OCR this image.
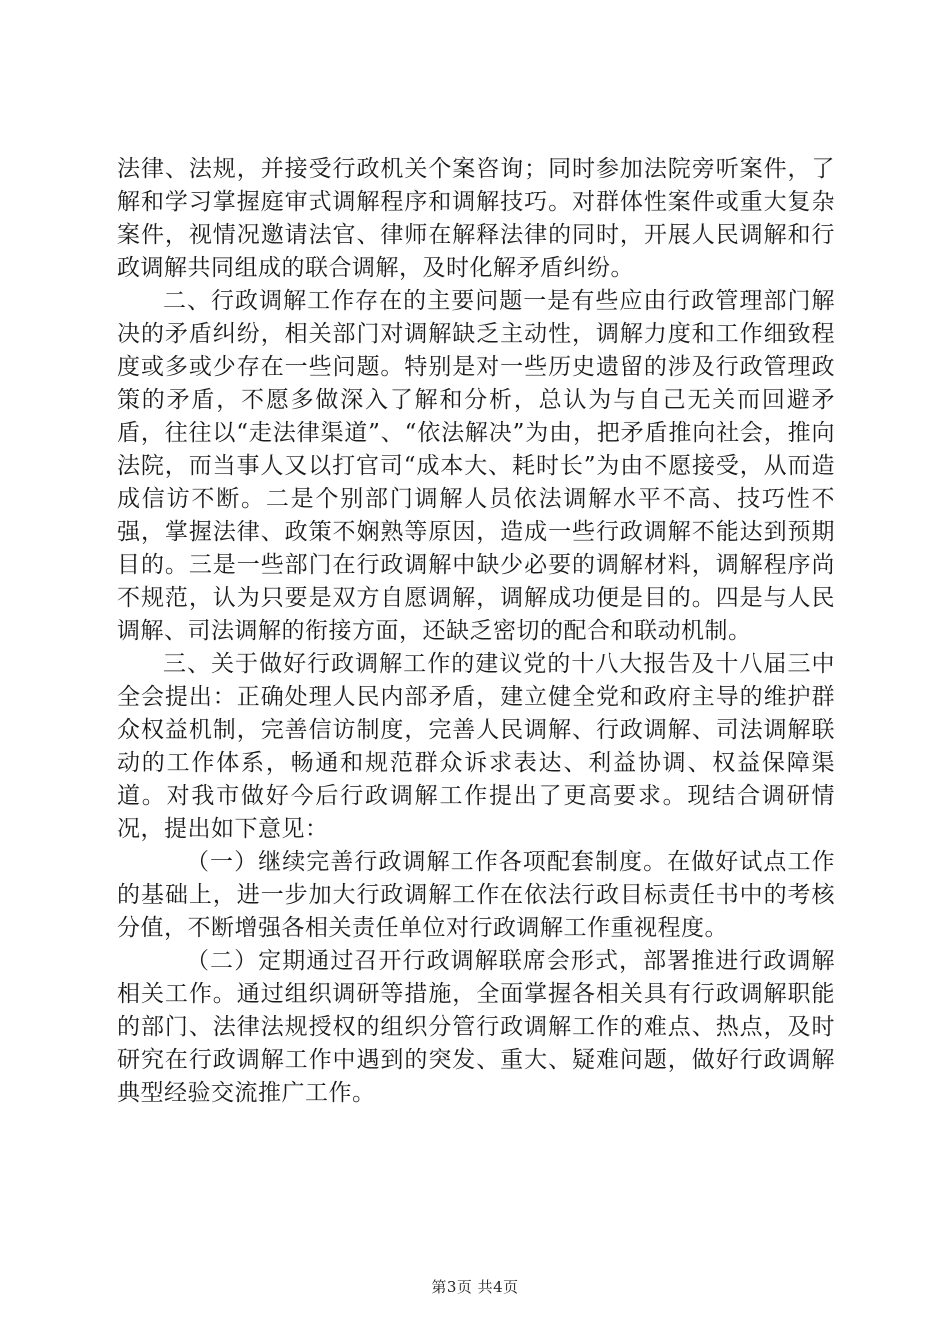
法律、法规，并接受行政机关个案咨询；同时参加法院旁听案件，了解和学习掌握庭审式调解程序和调解技巧。对群体性案件或重大复杂案件，视情况邀请法官、律师在解释法律的同时，开展人民调解和行政调解共同组成的联合调解，及时化解矛盾纠纷。

二、行政调解工作存在的主要问题一是有些应由行政管理部门解决的矛盾纠纷，相关部门对调解缺乏主动性，调解力度和工作细致程度或多或少存在一些问题。特别是对一些历史遗留的涉及行政管理政策的矛盾，不愿多做深入了解和分析，总认为与自己无关而回避矛盾，往往以“走法律渠道”、“依法解决”为由，把矛盾推向社会，推向法院，而当事人又以打官司“成本大、耗时长”为由不愿接受，从而造成信访不断。二是个别部门调解人员依法调解水平不高、技巧性不强，掌握法律、政策不娴熟等原因，造成一些行政调解不能达到预期目的。三是一些部门在行政调解中缺少必要的调解材料，调解程序尚不规范，认为只要是双方自愿调解，调解成功便是目的。四是与人民调解、司法调解的衔接方面，还缺乏密切的配合和联动机制。

三、关于做好行政调解工作的建议党的十八大报告及十八届三中全会提出：正确处理人民内部矛盾，建立健全党和政府主导的维护群众权益机制，完善信访制度，完善人民调解、行政调解、司法调解联动的工作体系，畅通和规范群众诉求表达、利益协调、权益保障渠道。对我市做好今后行政调解工作提出了更高要求。现结合调研情况，提出如下意见：

（一）继续完善行政调解工作各项配套制度。在做好试点工作的基础上，进一步加大行政调解工作在依法行政目标责任书中的考核分值，不断增强各相关责任单位对行政调解工作重视程度。

（二）定期通过召开行政调解联席会形式，部署推进行政调解相关工作。通过组织调研等措施，全面掌握各相关具有行政调解职能的部门、法律法规授权的组织分管行政调解工作的难点、热点，及时研究在行政调解工作中遇到的突发、重大、疑难问题，做好行政调解典型经验交流推广工作。

第3页 共4页
